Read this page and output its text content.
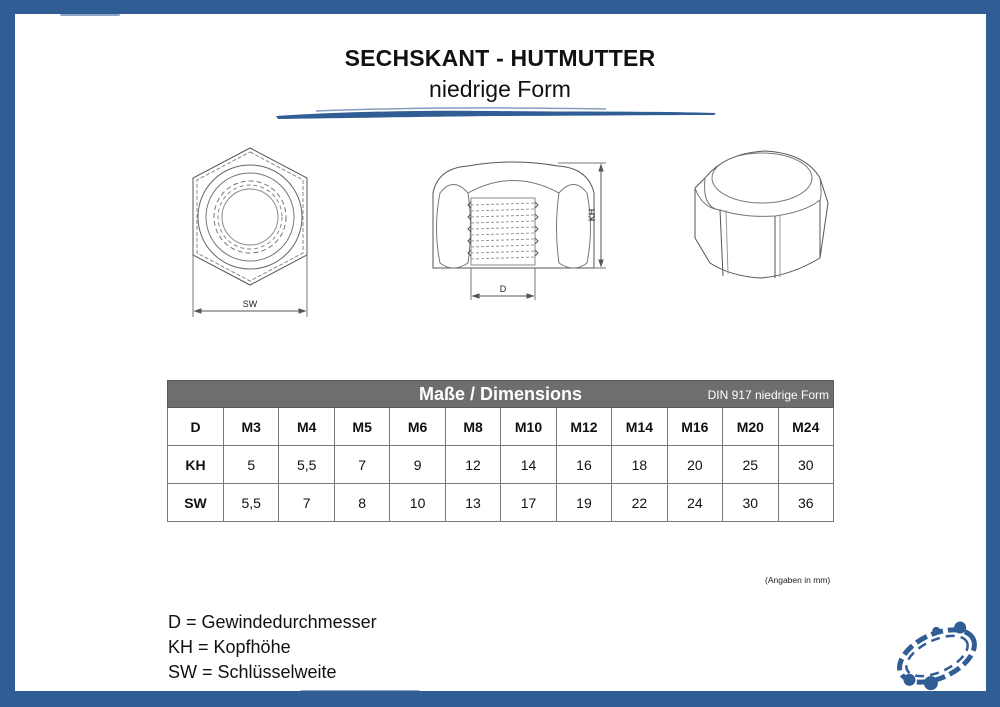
SECHSKANT - HUTMUTTER
niedrige Form
SW
D
KH
Maße / Dimensions DIN 917 niedrige Form											

D	M3	M4	M5	M6	M8	M10	M12	M14	M16	M20	M24
KH	5	5,5	7	9	12	14	16	18	20	25	30
SW	5,5	7	8	10	13	17	19	22	24	30	36
(Angaben in mm)
D = Gewindedurchmesser
KH = Kopfhöhe
SW = Schlüsselweite
